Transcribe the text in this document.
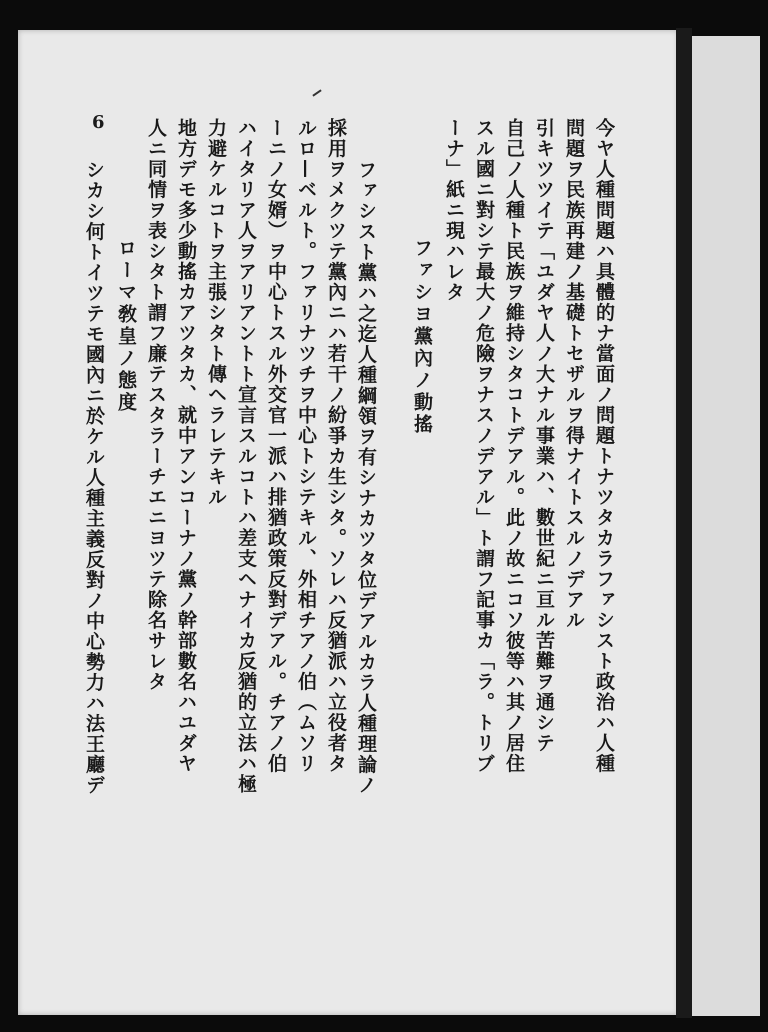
6	今ヤ人種問題ハ具體的ナ當面ノ問題トナツタカラファシスト政治ハ人種
問題ヲ民族再建ノ基礎トセザルヲ得ナイトスルノデアル
引キツツイテ「ユダヤ人ノ大ナル事業ハ、數世紀ニ亘ル苦難ヲ通シテ
自己ノ人種ト民族ヲ維持シタコトデアル。此ノ故ニコソ彼等ハ其ノ居住
スル國ニ對シテ最大ノ危險ヲナスノデアル」ト謂フ記事カ「ラ。トリブ
ーナ」紙ニ現ハレタ
ファシヨ黨內ノ動搖
ファシスト黨ハ之迄人種綱領ヲ有シナカツタ位デアルカラ人種理論ノ
採用ヲメクツテ黨內ニハ若干ノ紛爭カ生シタ。ソレハ反猶派ハ立役者タ
ルロ—ベルト。ファリナツチヲ中心トシテキル、外相チアノ伯（ムソリ
ーニノ女婿）ヲ中心トスル外交官一派ハ排猶政策反對デアル。チアノ伯
ハイタリア人ヲアリアントト宣言スルコトハ差支ヘナイカ反猶的立法ハ極
力避ケルコトヲ主張シタト傳ヘラレテキル
地方デモ多少動搖カアツタカ、就中アンコーナノ黨ノ幹部數名ハユダヤ
人ニ同情ヲ表シタト謂フ廉テスタラーチエニヨツテ除名サレタ
ローマ敎皇ノ態度
シカシ何トイツテモ國內ニ於ケル人種主義反對ノ中心勢力ハ法王廳デ
